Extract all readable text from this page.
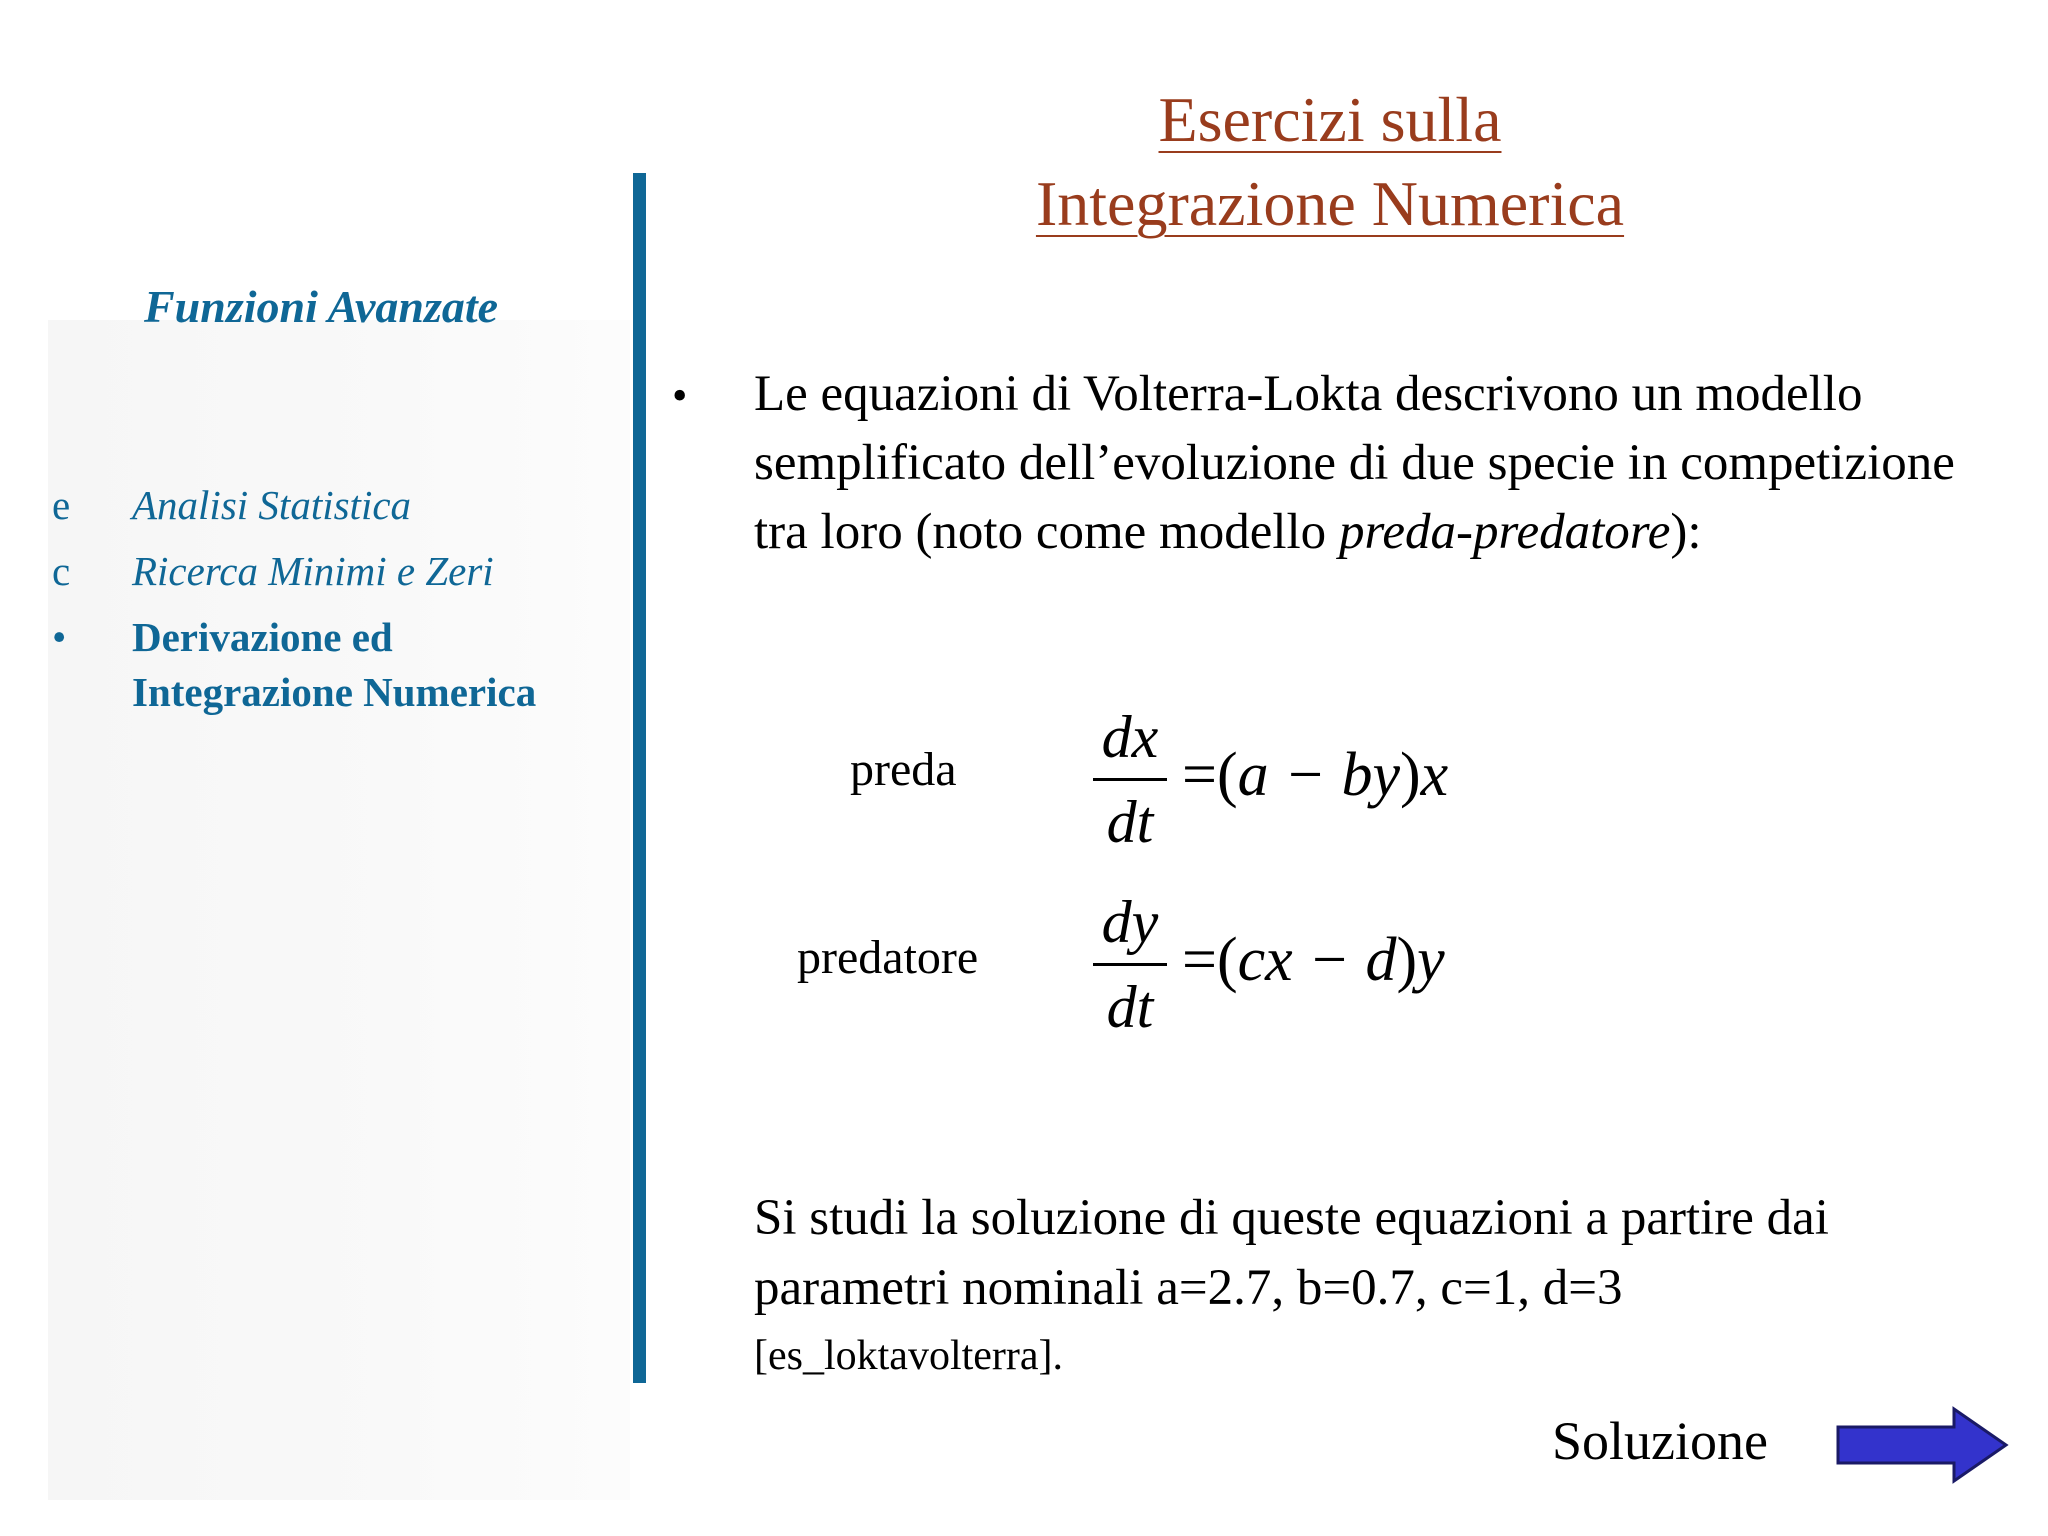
Esercizi sulla
Integrazione Numerica
Funzioni Avanzate
e	Analisi Statistica
c	Ricerca Minimi e Zeri
•	Derivazione ed
Integrazione Numerica
• Le equazioni di Volterra-Lokta descrivono un modello semplificato dell’evoluzione di due specie in competizione tra loro (noto come modello preda-predatore):
preda dx
dt
=(a − by)x
predatore
dy
dt
=(cx − d)y
Si studi la soluzione di queste equazioni a partire dai parametri nominali a=2.7, b=0.7, c=1, d=3
[es_loktavolterra].
Soluzione
